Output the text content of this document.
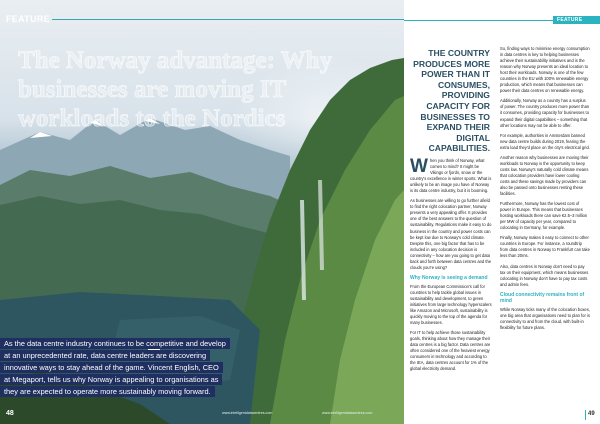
FEATURE
The Norway advantage: Why businesses are moving IT workloads to the Nordics
As the data centre industry continues to be competitive and develop
at an unprecedented rate, data centre leaders are discovering
innovative ways to stay ahead of the game. Vincent English, CEO
at Megaport, tells us why Norway is appealing to organisations as
they are expected to operate more sustainably moving forward.
48	www.intelligentdatacentres.com	www.intelligentdatacentres.com
FEATURE
THE COUNTRY PRODUCES MORE POWER THAN IT CONSUMES, PROVIDING CAPACITY FOR BUSINESSES TO EXPAND THEIR DIGITAL CAPABILITIES.

When you think of Norway, what comes to mind? It might be Vikings or fjords, snow or the country's excellence in winter sports. What is unlikely to be an image you have of Norway is its data centre industry, but it is booming.

As businesses are willing to go further afield to find the right colocation partner, Norway presents a very appealing offer. It provides one of the best answers to the question of sustainability. Regulations make it easy to do business in the country and power costs can be kept low due to Norway's cold climate. Despite this, one big factor that has to be included in any colocation decision is connectivity – how are you going to get data back and forth between data centres and the clouds you're using?

Why Norway is seeing a demand

From the European Commission's call for countries to help tackle global issues in sustainability and development, to green initiatives from large technology hyperscalers like Amazon and Microsoft, sustainability is quickly moving to the top of the agenda for many businesses.

For IT to help achieve those sustainability goals, thinking about how they manage their data centres is a big factor. Data centres are often considered one of the heaviest energy consumers in technology and according to the IEA, data centres account for 1% of the global electricity demand.

So, finding ways to minimise energy consumption in data centres is key to helping businesses achieve their sustainability initiatives and is the reason why Norway presents an ideal location to host their workloads. Norway is one of the few countries in the EU with 100% renewable energy production, which means that businesses can power their data centres on renewable energy.

Additionally, Norway as a country has a surplus of power. The country produces more power than it consumes, providing capacity for businesses to expand their digital capabilities – something that other locations may not be able to offer.

For example, authorities in Amsterdam banned new data centre builds during 2019, fearing the extra load they'd place on the city's electrical grid.

Another reason why businesses are moving their workloads to Norway is the opportunity to keep costs low. Norway's naturally cold climate means that colocation providers have lower cooling costs and these savings made by providers can also be passed onto businesses renting these facilities.

Furthermore, Norway has the lowest cost of power in Europe. This means that businesses hosting workloads there can save €2.5–3 million per MW of capacity per year, compared to colocating in Germany, for example.

Finally, Norway makes it easy to connect to other countries in Europe. For instance, a roundtrip from data centres in Norway to Frankfurt can take less than 20ms.

Also, data centres in Norway don't need to pay tax on their equipment, which means businesses colocating in Norway don't have to pay tax costs and admin fees.

Cloud connectivity remains front of mind

While Norway ticks many of the colocation boxes, one big area that organisations need to plan for is connectivity to and from the cloud, with built-in flexibility for future plans.

49
